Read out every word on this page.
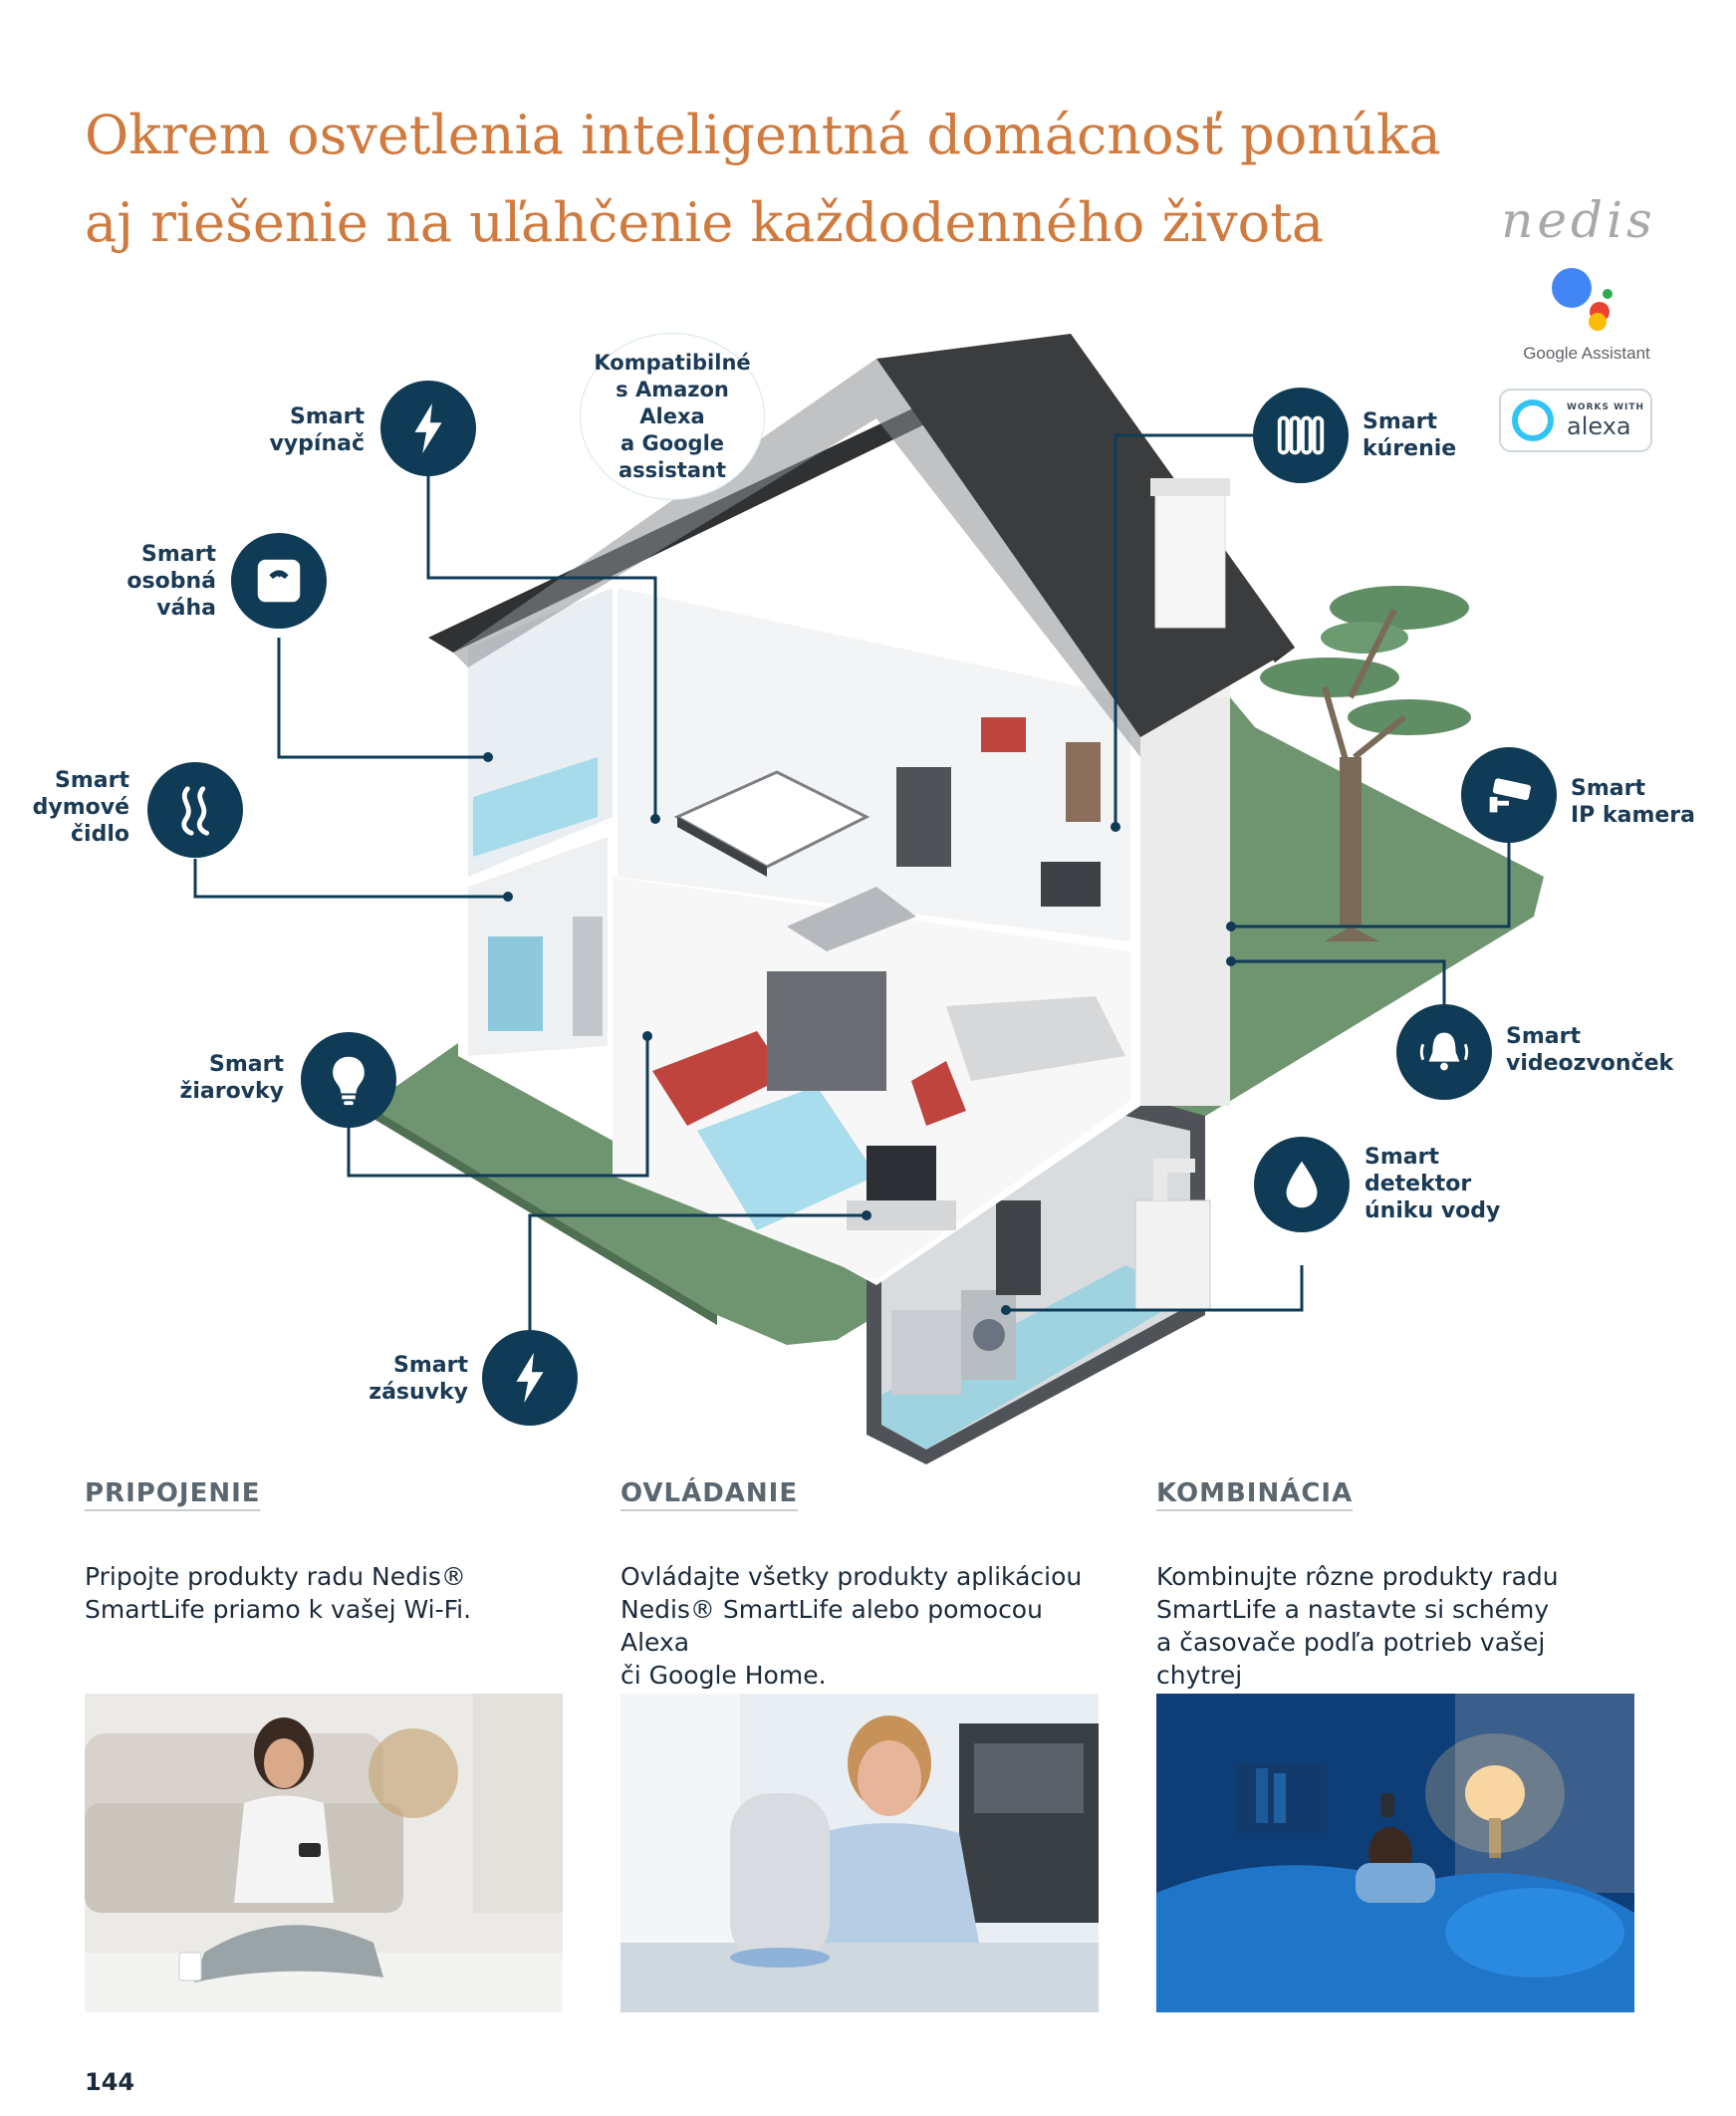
Okrem osvetlenia inteligentná domácnosť ponúka
aj riešenie na uľahčenie každodenného života	nedis
Google Assistant
WORKS WITH
alexa
Kompatibilné
s Amazon Alexa
a Google
assistant
Smart
vypínač
Smart
osobná
váha
Smart
dymové
čidlo
Smart
žiarovky
Smart
zásuvky
Smart
kúrenie
Smart
IP kamera
Smart
videozvonček
Smart
detektor
úniku vody
PRIPOJENIE

Pripojte produkty radu Nedis®
SmartLife priamo k vašej Wi-Fi.

OVLÁDANIE

Ovládajte všetky produkty aplikáciou
Nedis® SmartLife alebo pomocou Alexa
či Google Home.

KOMBINÁCIA

Kombinujte rôzne produkty radu
SmartLife a nastavte si schémy
a časovače podľa potrieb vašej chytrej

144
